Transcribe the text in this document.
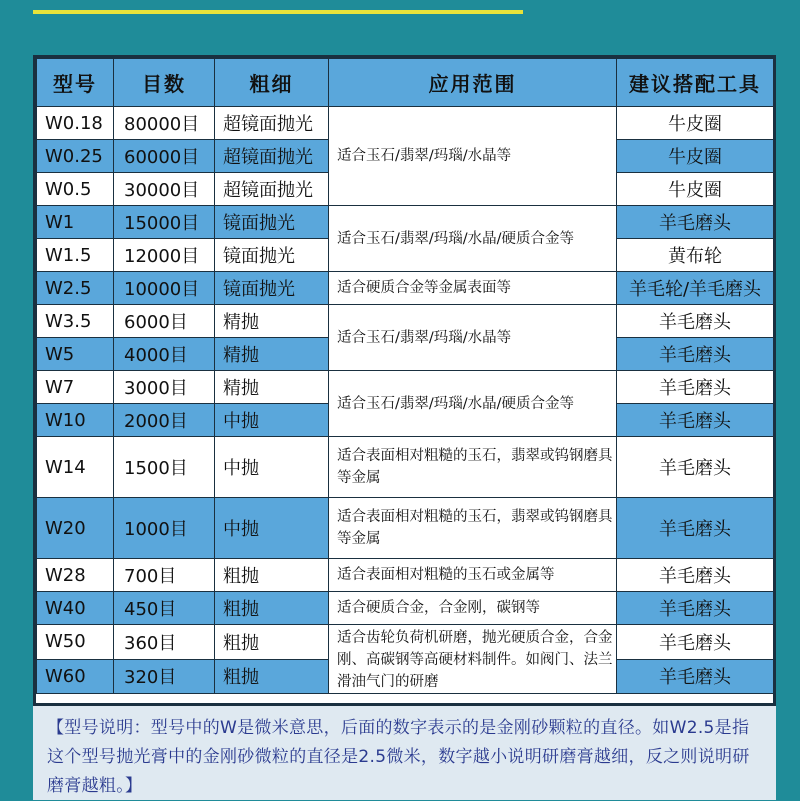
型号	目数	粗细	应用范围	建议搭配工具
W0.18	80000目	超镜面抛光	适合玉石/翡翠/玛瑙/水晶等	牛皮圈
W0.25	60000目	超镜面抛光		牛皮圈
W0.5	30000目	超镜面抛光		牛皮圈
W1	15000目	镜面抛光	适合玉石/翡翠/玛瑙/水晶/硬质合金等	羊毛磨头
W1.5	12000目	镜面抛光		黄布轮
W2.5	10000目	镜面抛光	适合硬质合金等金属表面等	羊毛轮/羊毛磨头
W3.5	6000目	精抛	适合玉石/翡翠/玛瑙/水晶等	羊毛磨头
W5	4000目	精抛		羊毛磨头
W7	3000目	精抛	适合玉石/翡翠/玛瑙/水晶/硬质合金等	羊毛磨头
W10	2000目	中抛		羊毛磨头
W14	1500目	中抛	适合表面相对粗糙的玉石，翡翠或钨钢磨具等金属	羊毛磨头
W20	1000目	中抛	适合表面相对粗糙的玉石，翡翠或钨钢磨具等金属	羊毛磨头
W28	700目	粗抛	适合表面相对粗糙的玉石或金属等	羊毛磨头
W40	450目	粗抛	适合硬质合金，合金刚，碳钢等	羊毛磨头
W50	360目	粗抛	适合齿轮负荷机研磨，抛光硬质合金，合金刚、高碳钢等高硬材料制件。如阀门、法兰滑油气门的研磨	羊毛磨头
W60	320目	粗抛		羊毛磨头
【型号说明：型号中的W是微米意思，后面的数字表示的是金刚砂颗粒的直径。如W2.5是指这个型号抛光膏中的金刚砂微粒的直径是2.5微米，数字越小说明研磨膏越细，反之则说明研磨膏越粗。】
